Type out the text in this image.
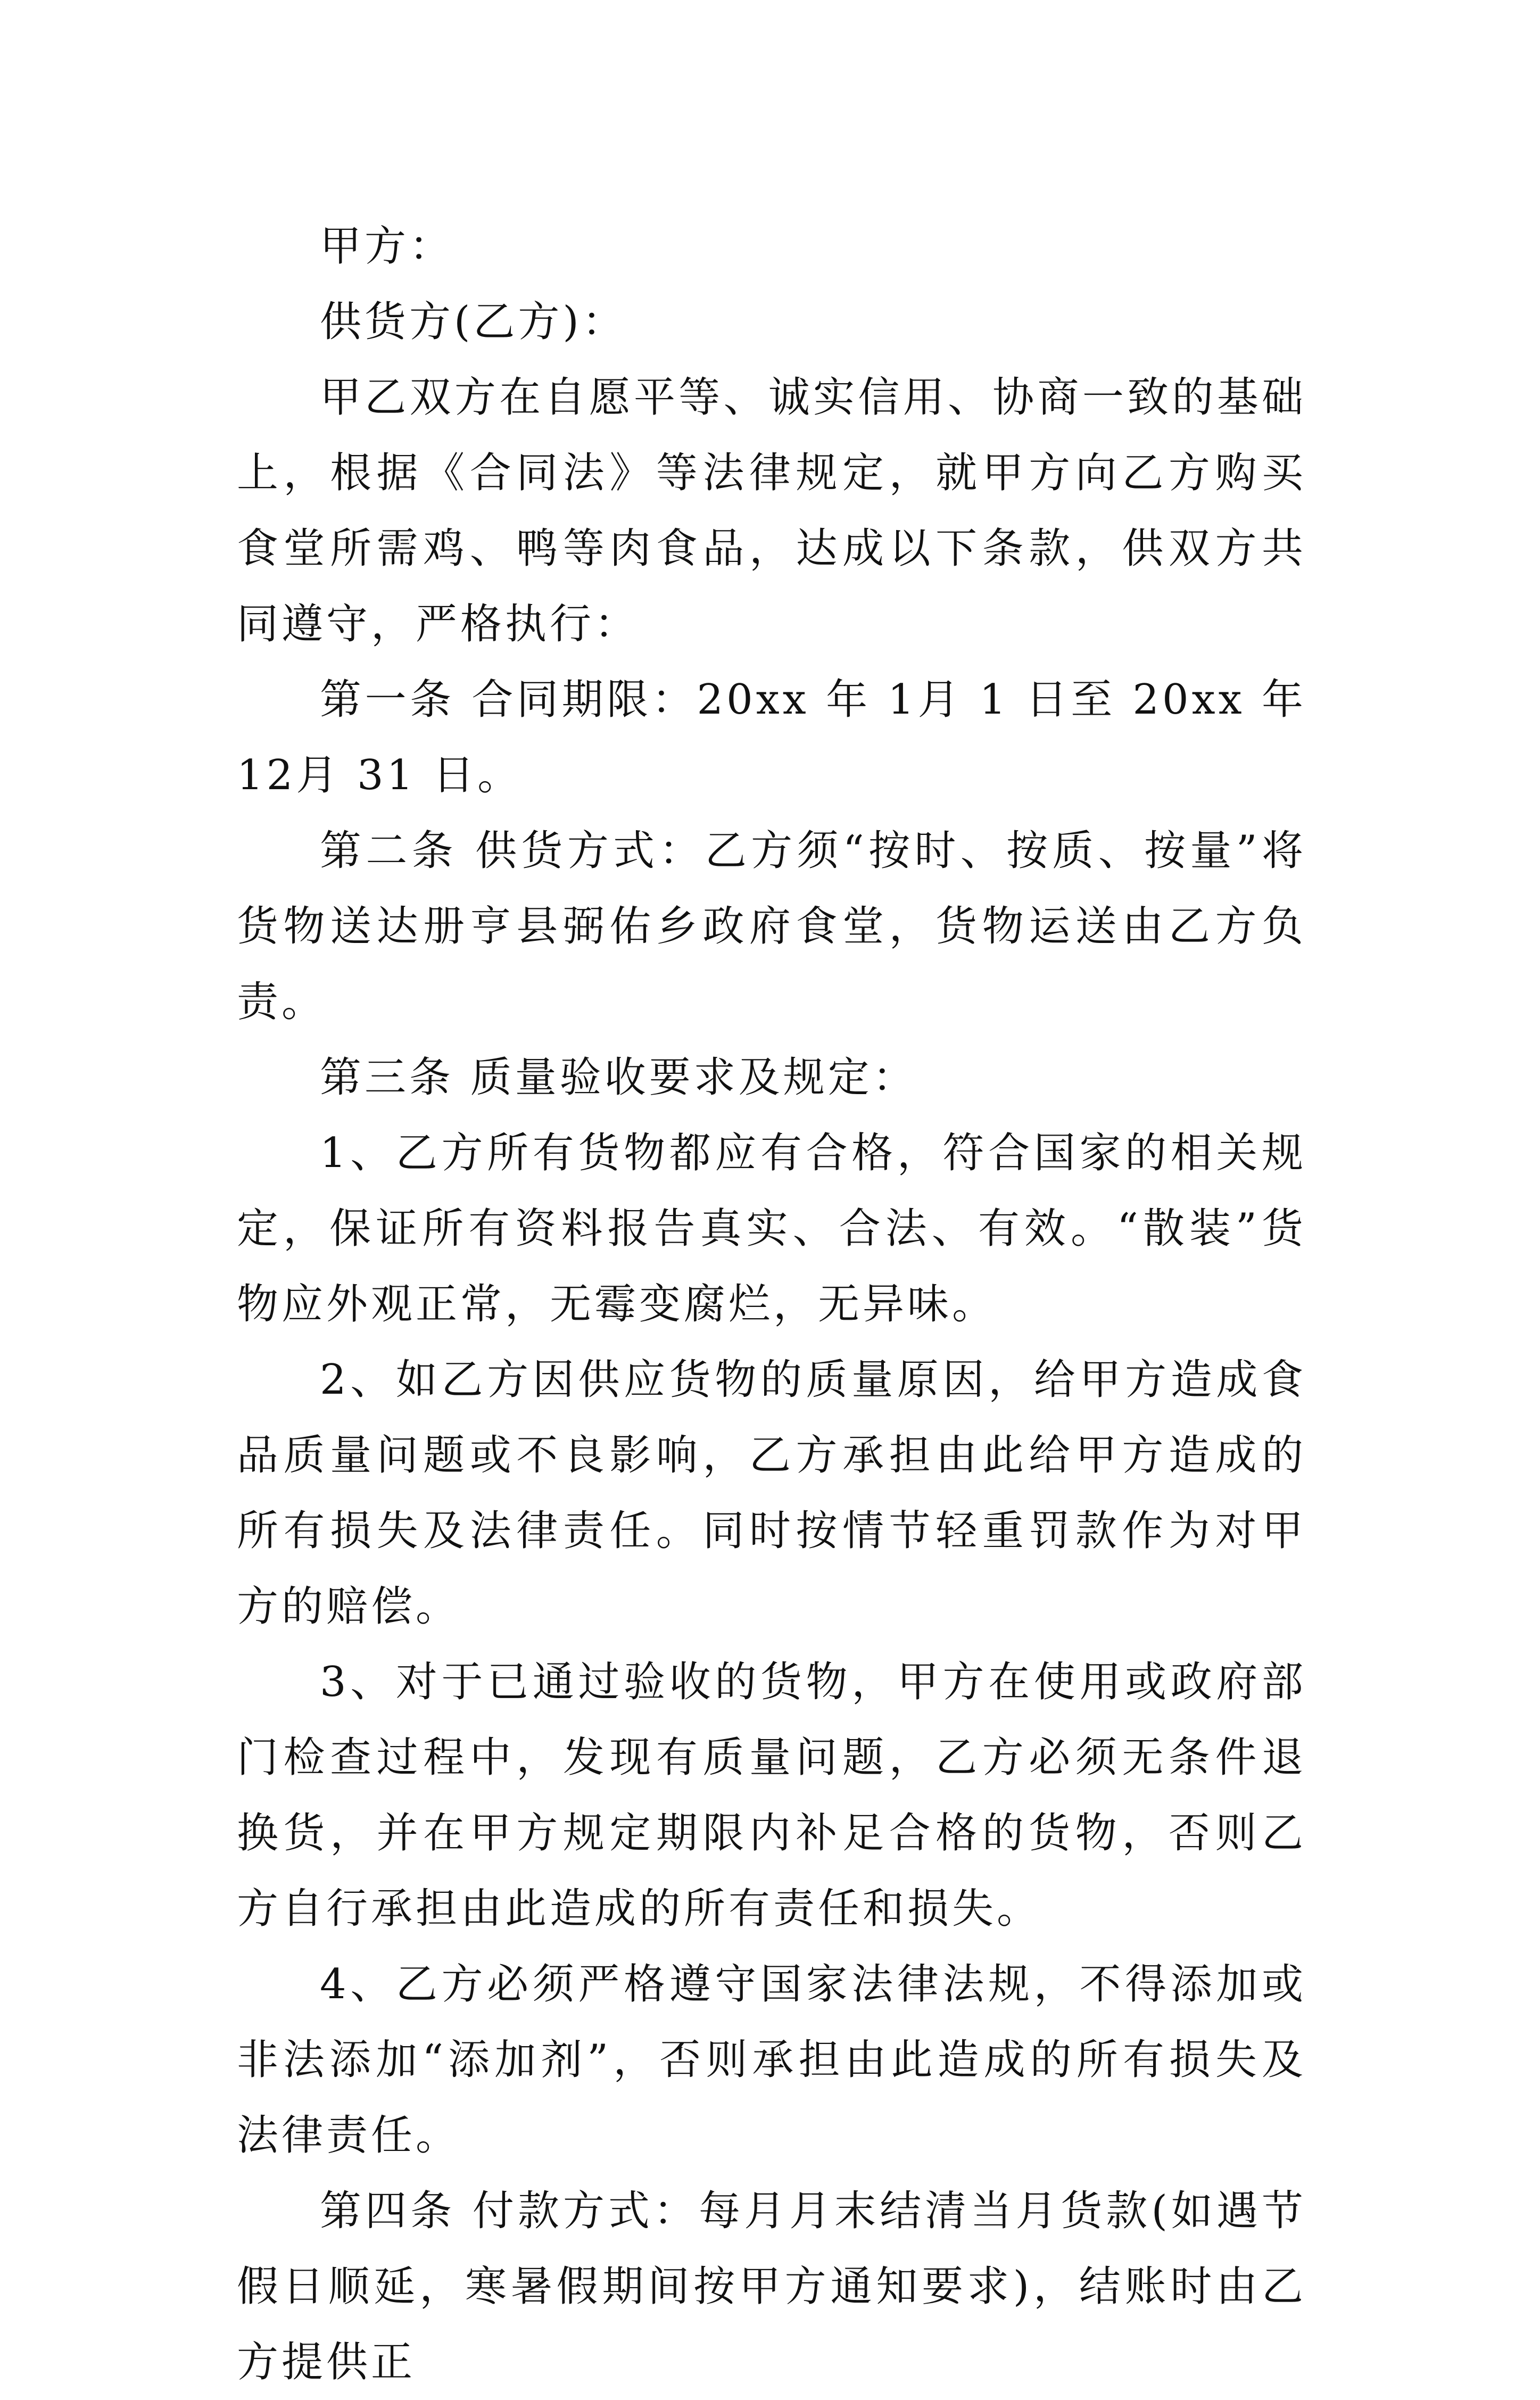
甲方：

供货方(乙方)：

甲乙双方在自愿平等、诚实信用、协商一致的基础上，根据《合同法》等法律规定，就甲方向乙方购买食堂所需鸡、鸭等肉食品，达成以下条款，供双方共同遵守，严格执行：

第一条 合同期限：20xx 年 1月 1 日至 20xx 年 12月 31 日。

第二条 供货方式：乙方须“按时、按质、按量”将货物送达册亨县弼佑乡政府食堂，货物运送由乙方负责。

第三条 质量验收要求及规定：

1、乙方所有货物都应有合格，符合国家的相关规定，保证所有资料报告真实、合法、有效。“散装”货物应外观正常，无霉变腐烂，无异味。

2、如乙方因供应货物的质量原因，给甲方造成食品质量问题或不良影响，乙方承担由此给甲方造成的所有损失及法律责任。同时按情节轻重罚款作为对甲方的赔偿。

3、对于已通过验收的货物，甲方在使用或政府部门检查过程中，发现有质量问题，乙方必须无条件退换货，并在甲方规定期限内补足合格的货物，否则乙方自行承担由此造成的所有责任和损失。

4、乙方必须严格遵守国家法律法规，不得添加或非法添加“添加剂”，否则承担由此造成的所有损失及法律责任。

第四条 付款方式：每月月末结清当月货款(如遇节假日顺延，寒暑假期间按甲方通知要求)，结账时由乙方提供正
